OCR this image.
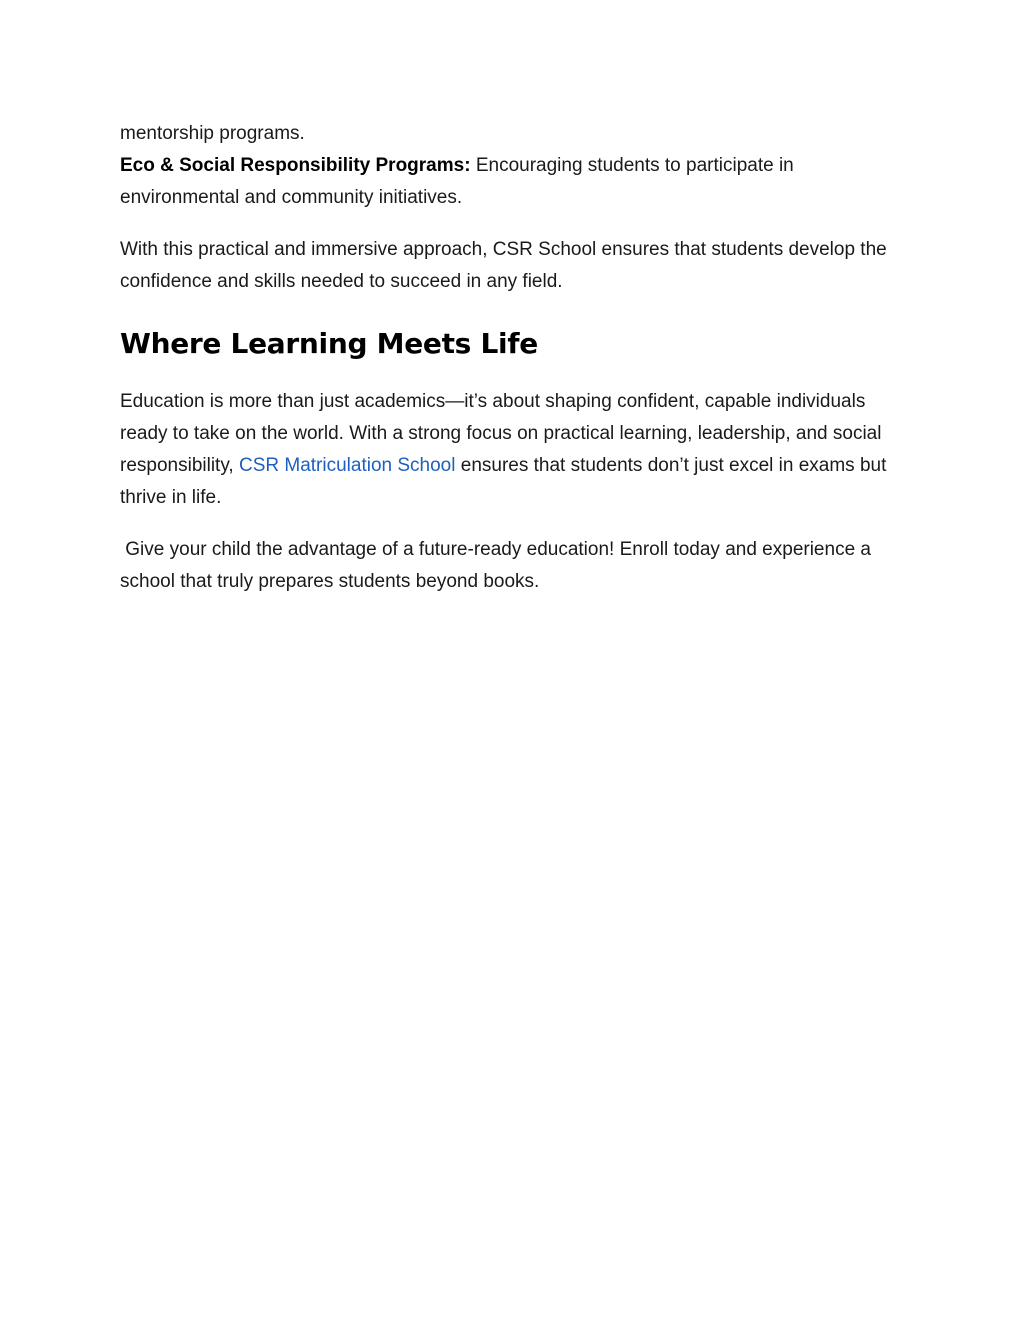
mentorship programs.
Eco & Social Responsibility Programs: Encouraging students to participate in environmental and community initiatives.

With this practical and immersive approach, CSR School ensures that students develop the confidence and skills needed to succeed in any field.

Where Learning Meets Life

Education is more than just academics—it’s about shaping confident, capable individuals ready to take on the world. With a strong focus on practical learning, leadership, and social responsibility, CSR Matriculation School ensures that students don’t just excel in exams but thrive in life.

Give your child the advantage of a future-ready education! Enroll today and experience a school that truly prepares students beyond books.
